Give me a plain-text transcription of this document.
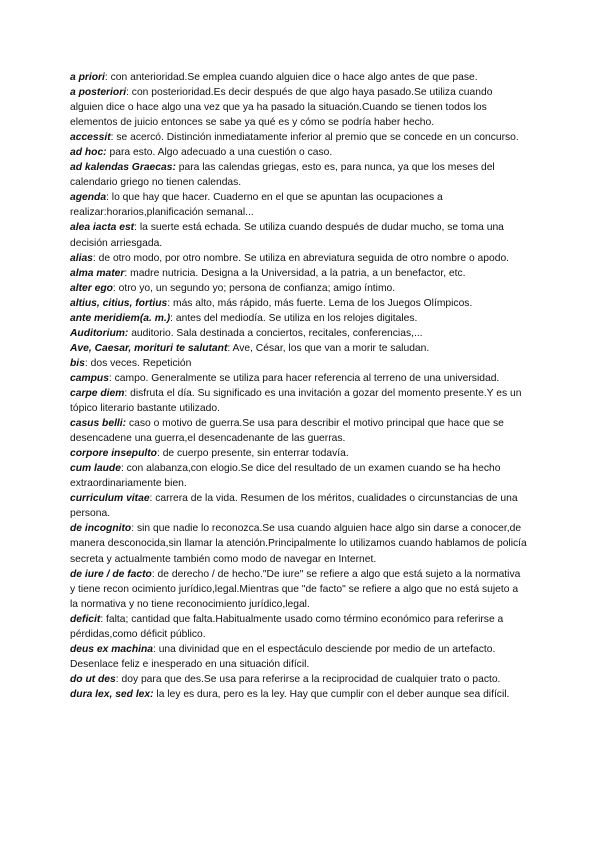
a priori: con anterioridad.Se emplea cuando alguien dice o hace algo antes de que pase.

a posteriori: con posterioridad.Es decir después de que algo haya pasado.Se utiliza cuando alguien dice o hace algo una vez que ya ha pasado la situación.Cuando se tienen todos los elementos de juicio entonces se sabe ya qué es y cómo se podría haber hecho.

accessit: se acercó. Distinción inmediatamente inferior al premio que se concede en un concurso.

ad hoc: para esto. Algo adecuado a una cuestión o caso.

ad kalendas Graecas: para las calendas griegas, esto es, para nunca, ya que los meses del calendario griego no tienen calendas.

agenda: lo que hay que hacer. Cuaderno en el que se apuntan las ocupaciones a realizar:horarios,planificación semanal...

alea iacta est: la suerte está echada. Se utiliza cuando después de dudar mucho, se toma una decisión arriesgada.

alias: de otro modo, por otro nombre. Se utiliza en abreviatura seguida de otro nombre o apodo.

alma mater: madre nutricia. Designa a la Universidad, a la patria, a un benefactor, etc.

alter ego: otro yo, un segundo yo; persona de confianza; amigo íntimo.

altius, citius, fortius: más alto, más rápido, más fuerte. Lema de los Juegos Olímpicos.

ante meridiem(a. m.): antes del mediodía. Se utiliza en los relojes digitales.

Auditorium: auditorio. Sala destinada a conciertos, recitales, conferencias,...

Ave, Caesar, morituri te salutant: Ave, César, los que van a morir te saludan.

bis: dos veces. Repetición

campus: campo. Generalmente se utiliza para hacer referencia al terreno de una universidad.

carpe diem: disfruta el día. Su significado es una invitación a gozar del momento presente.Y es un tópico literario bastante utilizado.

casus belli: caso o motivo de guerra.Se usa para describir el motivo principal que hace que se desencadene una guerra,el desencadenante de las guerras.

corpore insepulto: de cuerpo presente, sin enterrar todavía.

cum laude: con alabanza,con elogio.Se dice del resultado de un examen cuando se ha hecho extraordinariamente bien.

curriculum vitae: carrera de la vida. Resumen de los méritos, cualidades o circunstancias de una persona.

de incognito: sin que nadie lo reconozca.Se usa cuando alguien hace algo sin darse a conocer,de manera desconocida,sin llamar la atención.Principalmente lo utilizamos cuando hablamos de policía secreta y actualmente también como modo de navegar en Internet.

de iure / de facto: de derecho / de hecho."De iure" se refiere a algo que está sujeto a la normativa y tiene recon ocimiento jurídico,legal.Mientras que "de facto" se refiere a algo que no está sujeto a la normativa y no tiene reconocimiento jurídico,legal.

deficit: falta; cantidad que falta.Habitualmente usado como término económico para referirse a pérdidas,como déficit público.

deus ex machina: una divinidad que en el espectáculo desciende por medio de un artefacto. Desenlace feliz e inesperado en una situación difícil.

do ut des: doy para que des.Se usa para referirse a la reciprocidad de cualquier trato o pacto.

dura lex, sed lex: la ley es dura, pero es la ley. Hay que cumplir con el deber aunque sea difícil.
